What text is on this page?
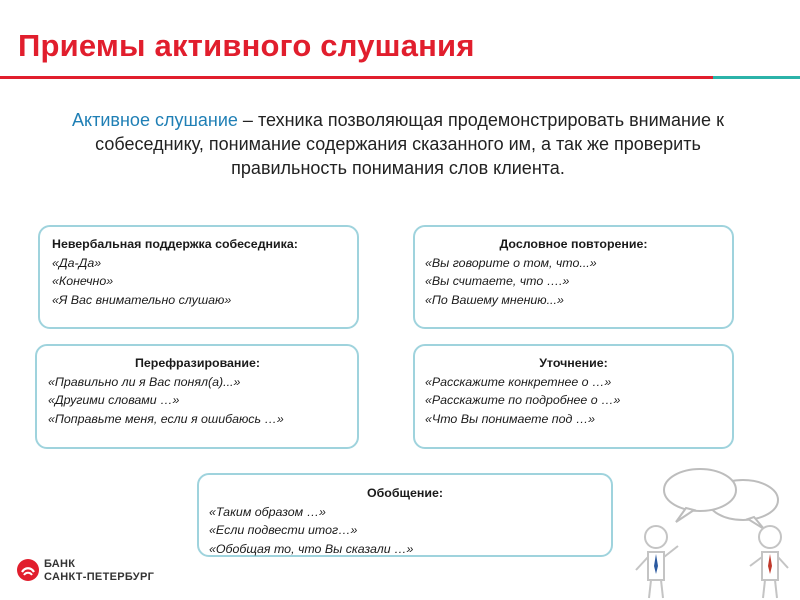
Приемы активного слушания
Активное слушание – техника позволяющая продемонстрировать внимание к собеседнику, понимание содержания сказанного им, а так же проверить правильность понимания слов клиента.
Невербальная поддержка собеседника:
«Да-Да»
«Конечно»
«Я Вас внимательно слушаю»
Дословное повторение:
«Вы говорите о том, что...»
«Вы считаете, что ….»
«По Вашему мнению...»
Перефразирование:
«Правильно ли я Вас понял(а)...»
«Другими словами …»
«Поправьте меня, если я ошибаюсь …»
Уточнение:
«Расскажите конкретнее о …»
«Расскажите по подробнее о …»
«Что Вы понимаете под …»
Обобщение:
«Таким образом …»
«Если подвести итог…»
«Обобщая то, что Вы сказали …»
БАНК
САНКТ-ПЕТЕРБУРГ
